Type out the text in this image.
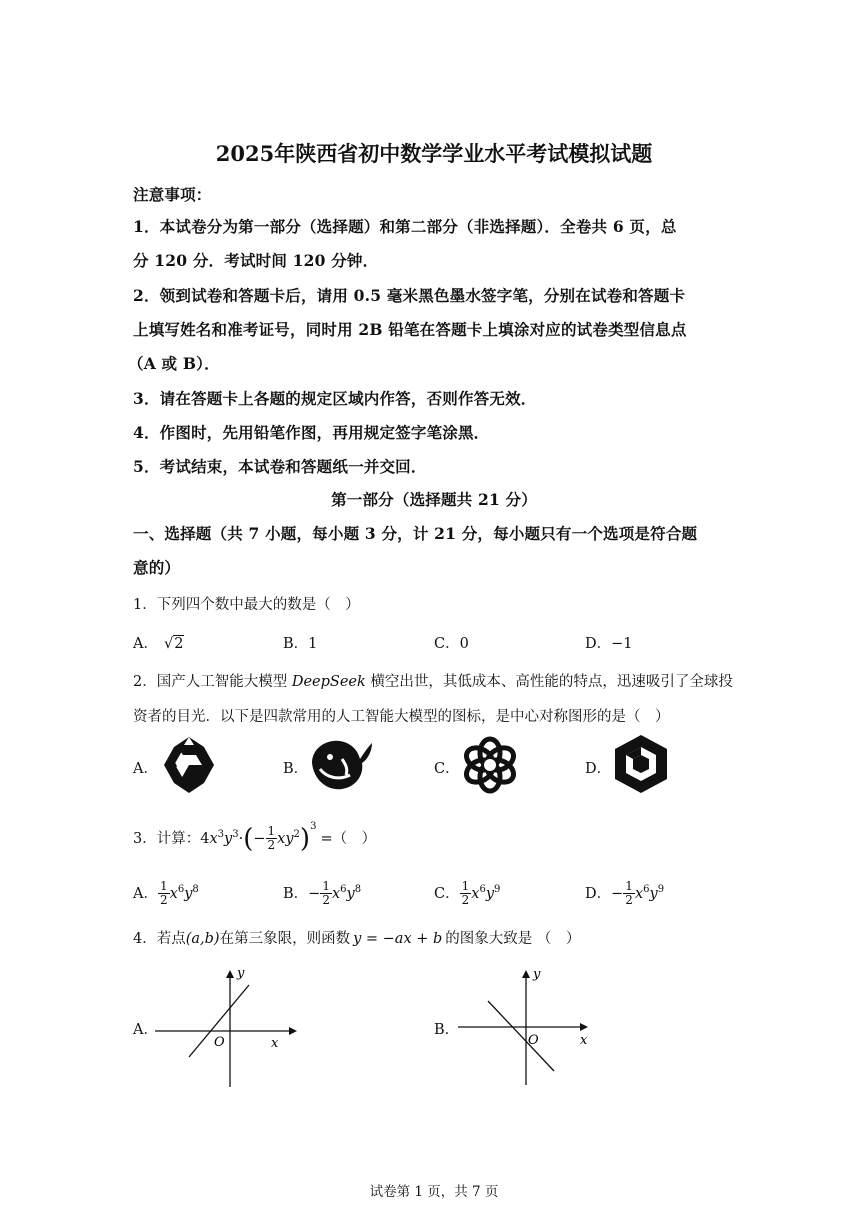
2025年陕西省初中数学学业水平考试模拟试题
注意事项：
1．本试卷分为第一部分（选择题）和第二部分（非选择题）．全卷共 6 页，总
分 120 分．考试时间 120 分钟．
2．领到试卷和答题卡后，请用 0.5 毫米黑色墨水签字笔，分别在试卷和答题卡
上填写姓名和准考证号，同时用 2B 铅笔在答题卡上填涂对应的试卷类型信息点
（A 或 B）．
3．请在答题卡上各题的规定区域内作答，否则作答无效．
4．作图时，先用铅笔作图，再用规定签字笔涂黑．
5．考试结束，本试卷和答题纸一并交回．
第一部分（选择题共 21 分）
一、选择题（共 7 小题，每小题 3 分，计 21 分，每小题只有一个选项是符合题
意的）
1．下列四个数中最大的数是（　）
A． √2	B．1	C．0	D．−1
2．国产人工智能大模型 DeepSeek 横空出世，其低成本、高性能的特点，迅速吸引了全球投
资者的目光．以下是四款常用的人工智能大模型的图标，是中心对称图形的是（　）
A．	B．	C．	D．
3．计算：$4x^3y^3\cdot(- \frac{1}{2} xy^2)^3=$（　）
A． $\frac{1}{2} x^6y^8$	B．− $\frac{1}{2} x^6y^8$	C． $\frac{1}{2} x^6y^9$	D．− $\frac{1}{2} x^6y^9$
4．若点(a,b)在第三象限，则函数 y = −ax + b 的图象大致是 （　）
A．	B．
x
y
O	x
y
O
试卷第 1 页，共 7 页
